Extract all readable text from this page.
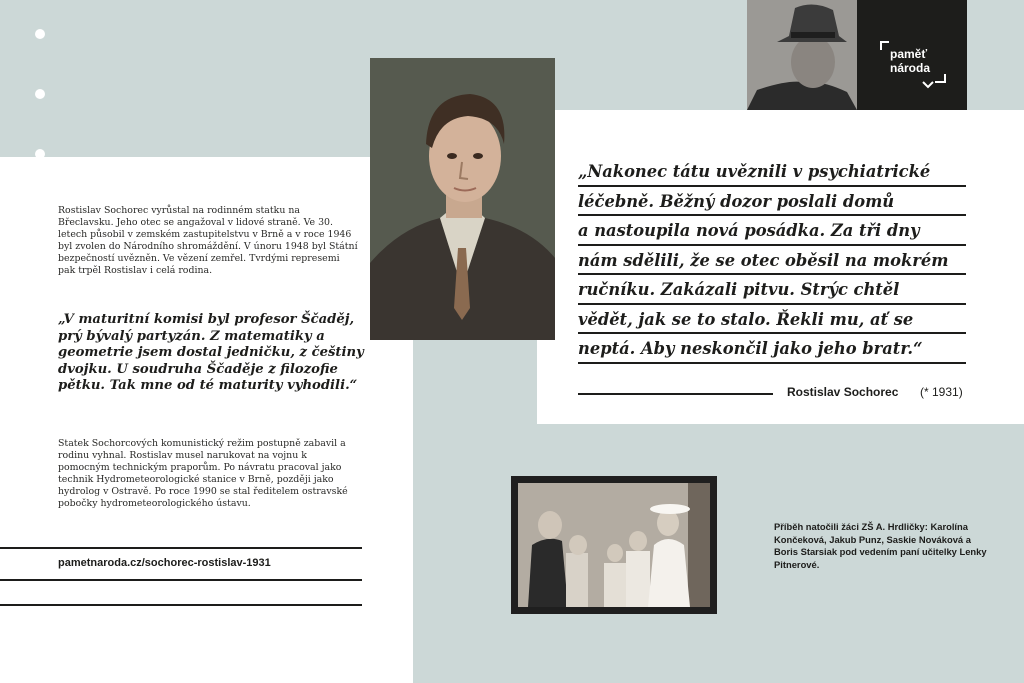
Rostislav Sochorec vyrůstal na rodinném statku na Břeclavsku. Jeho otec se angažoval v lidové straně. Ve 30. letech působil v zemském zastupitelstvu v Brně a v roce 1946 byl zvolen do Národního shromáždění. V únoru 1948 byl Státní bezpečností uvězněn. Ve vězení zemřel. Tvrdými represemi pak trpěl Rostislav i celá rodina.
„V maturitní komisi byl profesor Ščaděj, prý bývalý partyzán. Z matematiky a geometrie jsem dostal jedničku, z češtiny dvojku. U soudruha Ščaděje z filozofie pětku. Tak mne od té maturity vyhodili.“
Statek Sochorcových komunistický režim postupně zabavil a rodinu vyhnal. Rostislav musel narukovat na vojnu k pomocným technickým praporům. Po návratu pracoval jako technik Hydrometeorologické stanice v Brně, později jako hydrolog v Ostravě. Po roce 1990 se stal ředitelem ostravské pobočky hydrometeorologického ústavu.
pametnaroda.cz/sochorec-rostislav-1931
paměť
národa
„Nakonec tátu uvěznili v psychiatrické
léčebně. Běžný dozor poslali domů
a nastoupila nová posádka. Za tři dny
nám sdělili, že se otec oběsil na mokrém
ručníku. Zakázali pitvu. Strýc chtěl
vědět, jak se to stalo. Řekli mu, ať se
neptá. Aby neskončil jako jeho bratr.“
Rostislav Sochorec (* 1931)
Příběh natočili žáci ZŠ A. Hrdličky: Karolína Končeková, Jakub Punz, Saskie Nováková a Boris Starsiak pod vedením paní učitelky Lenky Pitnerové.
